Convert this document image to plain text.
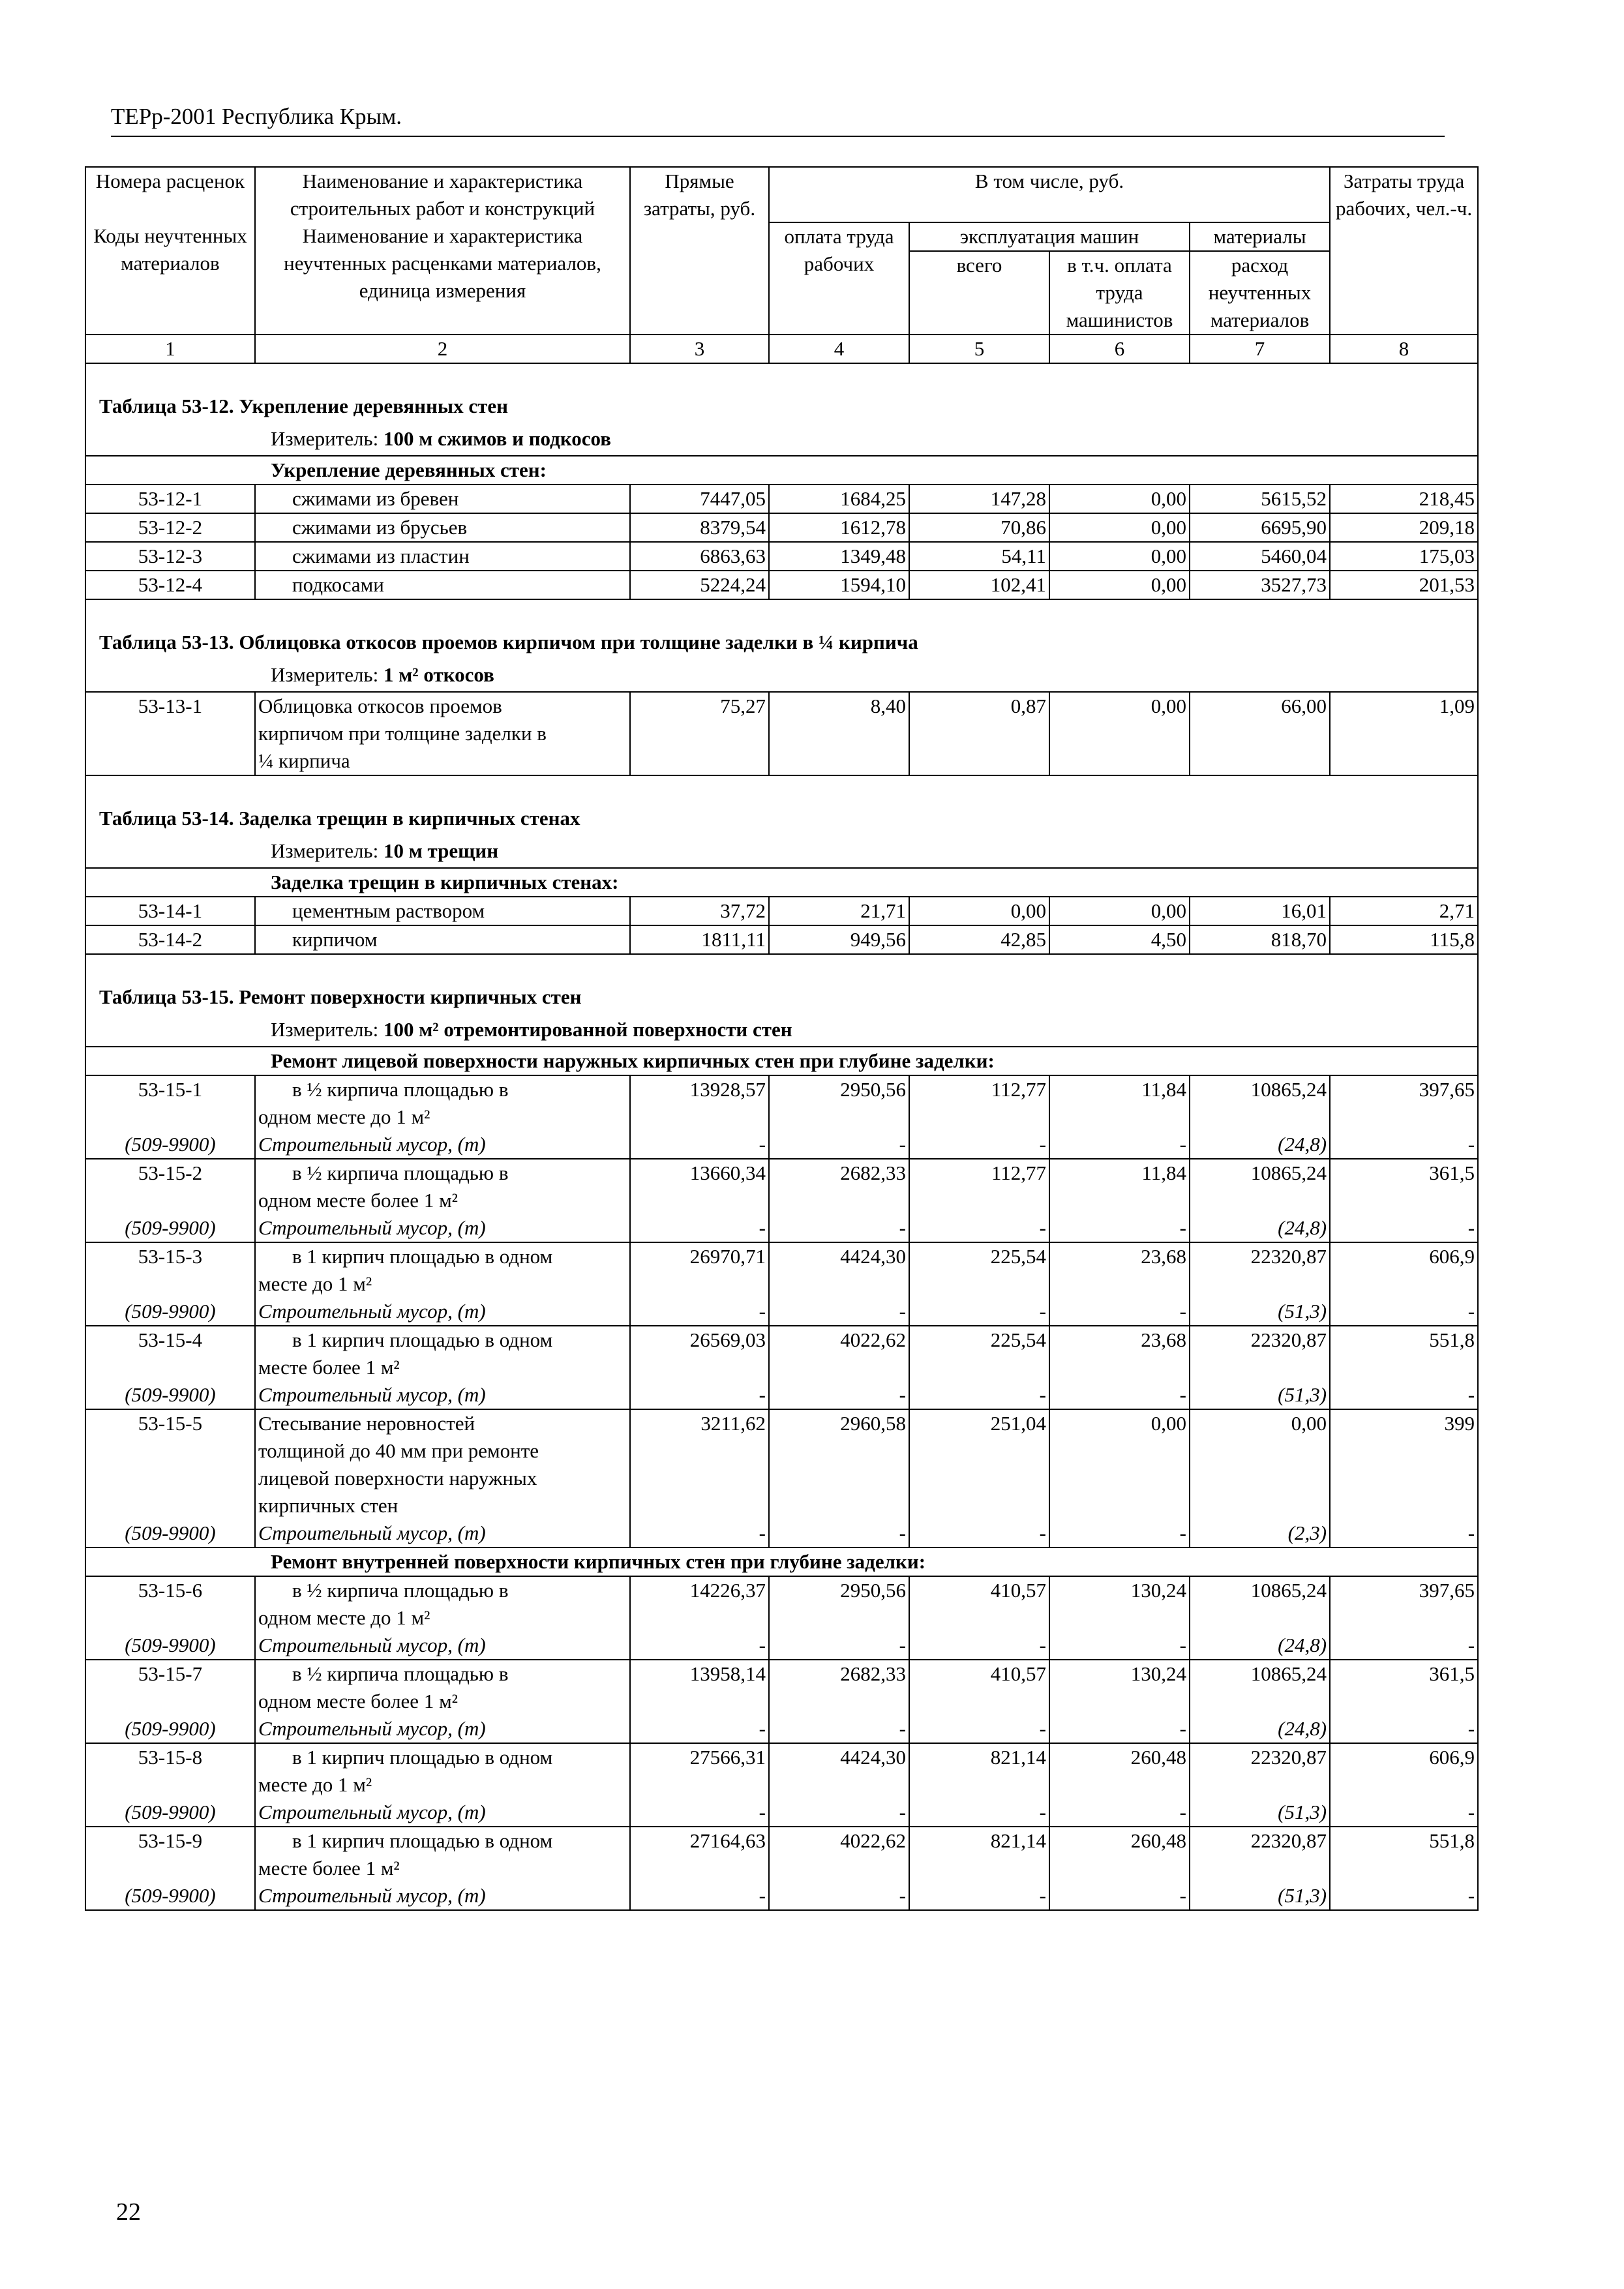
ТЕРр-2001 Республика Крым.
Номера расценок	Наименование и характеристика строительных работ и конструкций	Прямые затраты, руб.	В том числе, руб.				Затраты труда рабочих, чел.-ч.
Коды неучтенных материалов	Наименование и характеристика неучтенных расценками материалов, единица измерения		оплата труда рабочих	эксплуатация машин		материалы	
				всего	в т.ч. оплата труда машинистов	расход неучтенных материалов	
1	2	3	4	5	6	7	8
Таблица 53-12. Укрепление деревянных стен							
Измеритель: 100 м сжимов и подкосов							
Укрепление деревянных стен:							
53-12-1	сжимами из бревен	7447,05	1684,25	147,28	0,00	5615,52	218,45
53-12-2	сжимами из брусьев	8379,54	1612,78	70,86	0,00	6695,90	209,18
53-12-3	сжимами из пластин	6863,63	1349,48	54,11	0,00	5460,04	175,03
53-12-4	подкосами	5224,24	1594,10	102,41	0,00	3527,73	201,53
Таблица 53-13. Облицовка откосов проемов кирпичом при толщине заделки в ¼ кирпича							
Измеритель: 1 м² откосов							
53-13-1	Облицовка откосов проемов
кирпичом при толщине заделки в
¼ кирпича	75,27	8,40	0,87	0,00	66,00	1,09
Таблица 53-14. Заделка трещин в кирпичных стенах							
Измеритель: 10 м трещин							
Заделка трещин в кирпичных стенах:							
53-14-1	цементным раствором	37,72	21,71	0,00	0,00	16,01	2,71
53-14-2	кирпичом	1811,11	949,56	42,85	4,50	818,70	115,8
Таблица 53-15. Ремонт поверхности кирпичных стен							
Измеритель: 100 м² отремонтированной поверхности стен							
Ремонт лицевой поверхности наружных кирпичных стен при глубине заделки:							
53-15-1	в ½ кирпича площадью в
одном месте до 1 м²	13928,57	2950,56	112,77	11,84	10865,24	397,65
(509-9900)	Строительный мусор, (т)	-	-	-	-	(24,8)	-
53-15-2	в ½ кирпича площадью в
одном месте более 1 м²	13660,34	2682,33	112,77	11,84	10865,24	361,5
(509-9900)	Строительный мусор, (т)	-	-	-	-	(24,8)	-
53-15-3	в 1 кирпич площадью в одном
месте до 1 м²	26970,71	4424,30	225,54	23,68	22320,87	606,9
(509-9900)	Строительный мусор, (т)	-	-	-	-	(51,3)	-
53-15-4	в 1 кирпич площадью в одном
месте более 1 м²	26569,03	4022,62	225,54	23,68	22320,87	551,8
(509-9900)	Строительный мусор, (т)	-	-	-	-	(51,3)	-
53-15-5	Стесывание неровностей
толщиной до 40 мм при ремонте
лицевой поверхности наружных
кирпичных стен	3211,62	2960,58	251,04	0,00	0,00	399
(509-9900)	Строительный мусор, (т)	-	-	-	-	(2,3)	-
Ремонт внутренней поверхности кирпичных стен при глубине заделки:							
53-15-6	в ½ кирпича площадью в
одном месте до 1 м²	14226,37	2950,56	410,57	130,24	10865,24	397,65
(509-9900)	Строительный мусор, (т)	-	-	-	-	(24,8)	-
53-15-7	в ½ кирпича площадью в
одном месте более 1 м²	13958,14	2682,33	410,57	130,24	10865,24	361,5
(509-9900)	Строительный мусор, (т)	-	-	-	-	(24,8)	-
53-15-8	в 1 кирпич площадью в одном
месте до 1 м²	27566,31	4424,30	821,14	260,48	22320,87	606,9
(509-9900)	Строительный мусор, (т)	-	-	-	-	(51,3)	-
53-15-9	в 1 кирпич площадью в одном
месте более 1 м²	27164,63	4022,62	821,14	260,48	22320,87	551,8
(509-9900)	Строительный мусор, (т)	-	-	-	-	(51,3)	-
22
